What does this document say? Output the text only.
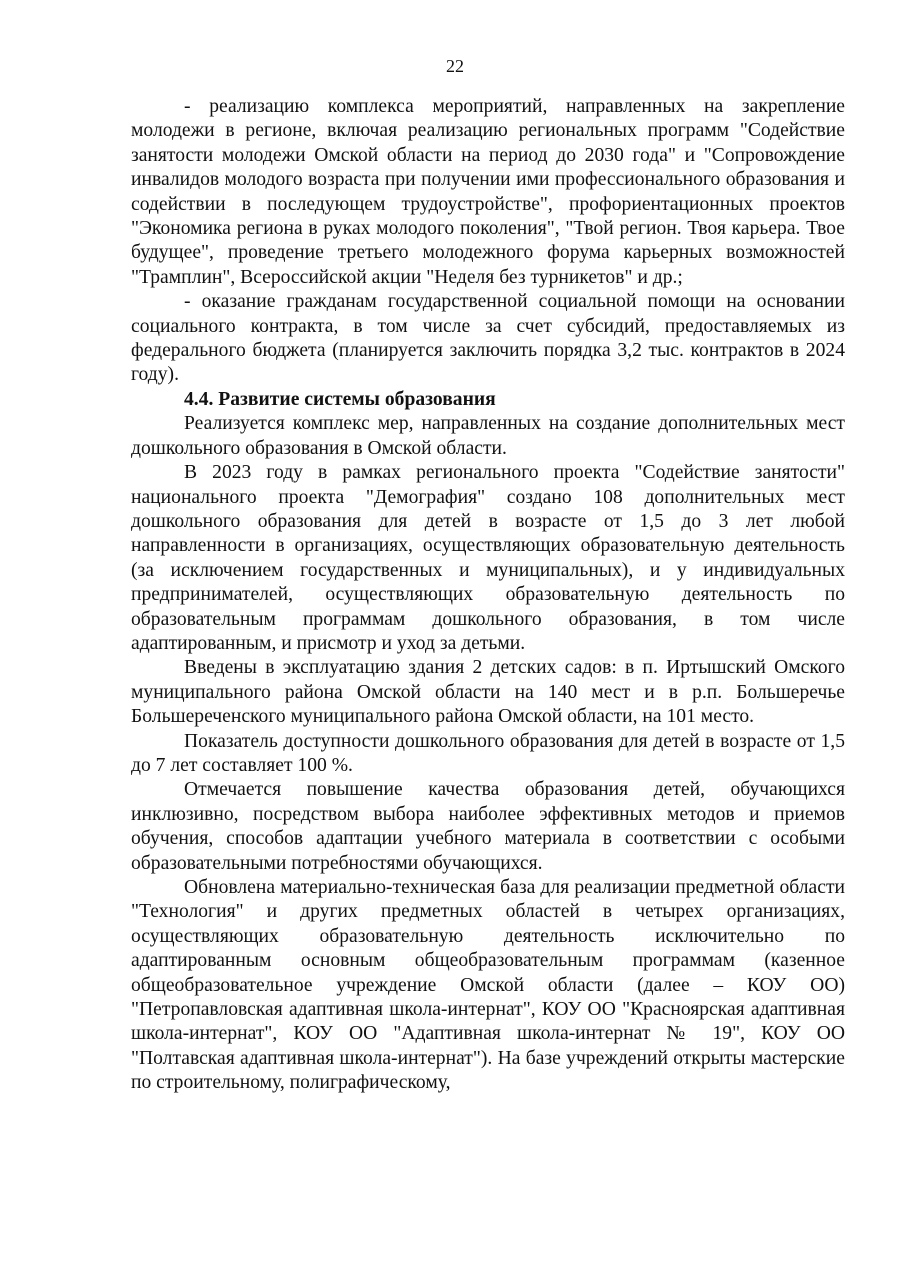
22

- реализацию комплекса мероприятий, направленных на закрепление молодежи в регионе, включая реализацию региональных программ "Содействие занятости молодежи Омской области на период до 2030 года" и "Сопровождение инвалидов молодого возраста при получении ими профессионального образования и содействии в последующем трудоустройстве", профориентационных проектов "Экономика региона в руках молодого поколения", "Твой регион. Твоя карьера. Твое будущее", проведение третьего молодежного форума карьерных возможностей "Трамплин", Всероссийской акции "Неделя без турникетов" и др.;

- оказание гражданам государственной социальной помощи на основании социального контракта, в том числе за счет субсидий, предоставляемых из федерального бюджета (планируется заключить порядка 3,2 тыс. контрактов в 2024 году).

4.4. Развитие системы образования

Реализуется комплекс мер, направленных на создание дополнительных мест дошкольного образования в Омской области.

В 2023 году в рамках регионального проекта "Содействие занятости" национального проекта "Демография" создано 108 дополнительных мест дошкольного образования для детей в возрасте от 1,5 до 3 лет любой направленности в организациях, осуществляющих образовательную деятельность (за исключением государственных и муниципальных), и у индивидуальных предпринимателей, осуществляющих образовательную деятельность по образовательным программам дошкольного образования, в том числе адаптированным, и присмотр и уход за детьми.

Введены в эксплуатацию здания 2 детских садов: в п. Иртышский Омского муниципального района Омской области на 140 мест и в р.п. Большеречье Большереченского муниципального района Омской области, на 101 место.

Показатель доступности дошкольного образования для детей в возрасте от 1,5 до 7 лет составляет 100 %.

Отмечается повышение качества образования детей, обучающихся инклюзивно, посредством выбора наиболее эффективных методов и приемов обучения, способов адаптации учебного материала в соответствии с особыми образовательными потребностями обучающихся.

Обновлена материально-техническая база для реализации предметной области "Технология" и других предметных областей в четырех организациях, осуществляющих образовательную деятельность исключительно по адаптированным основным общеобразовательным программам (казенное общеобразовательное учреждение Омской области (далее – КОУ ОО) "Петропавловская адаптивная школа-интернат", КОУ ОО "Красноярская адаптивная школа-интернат", КОУ ОО "Адаптивная школа-интернат № 19", КОУ ОО "Полтавская адаптивная школа-интернат"). На базе учреждений открыты мастерские по строительному, полиграфическому,
